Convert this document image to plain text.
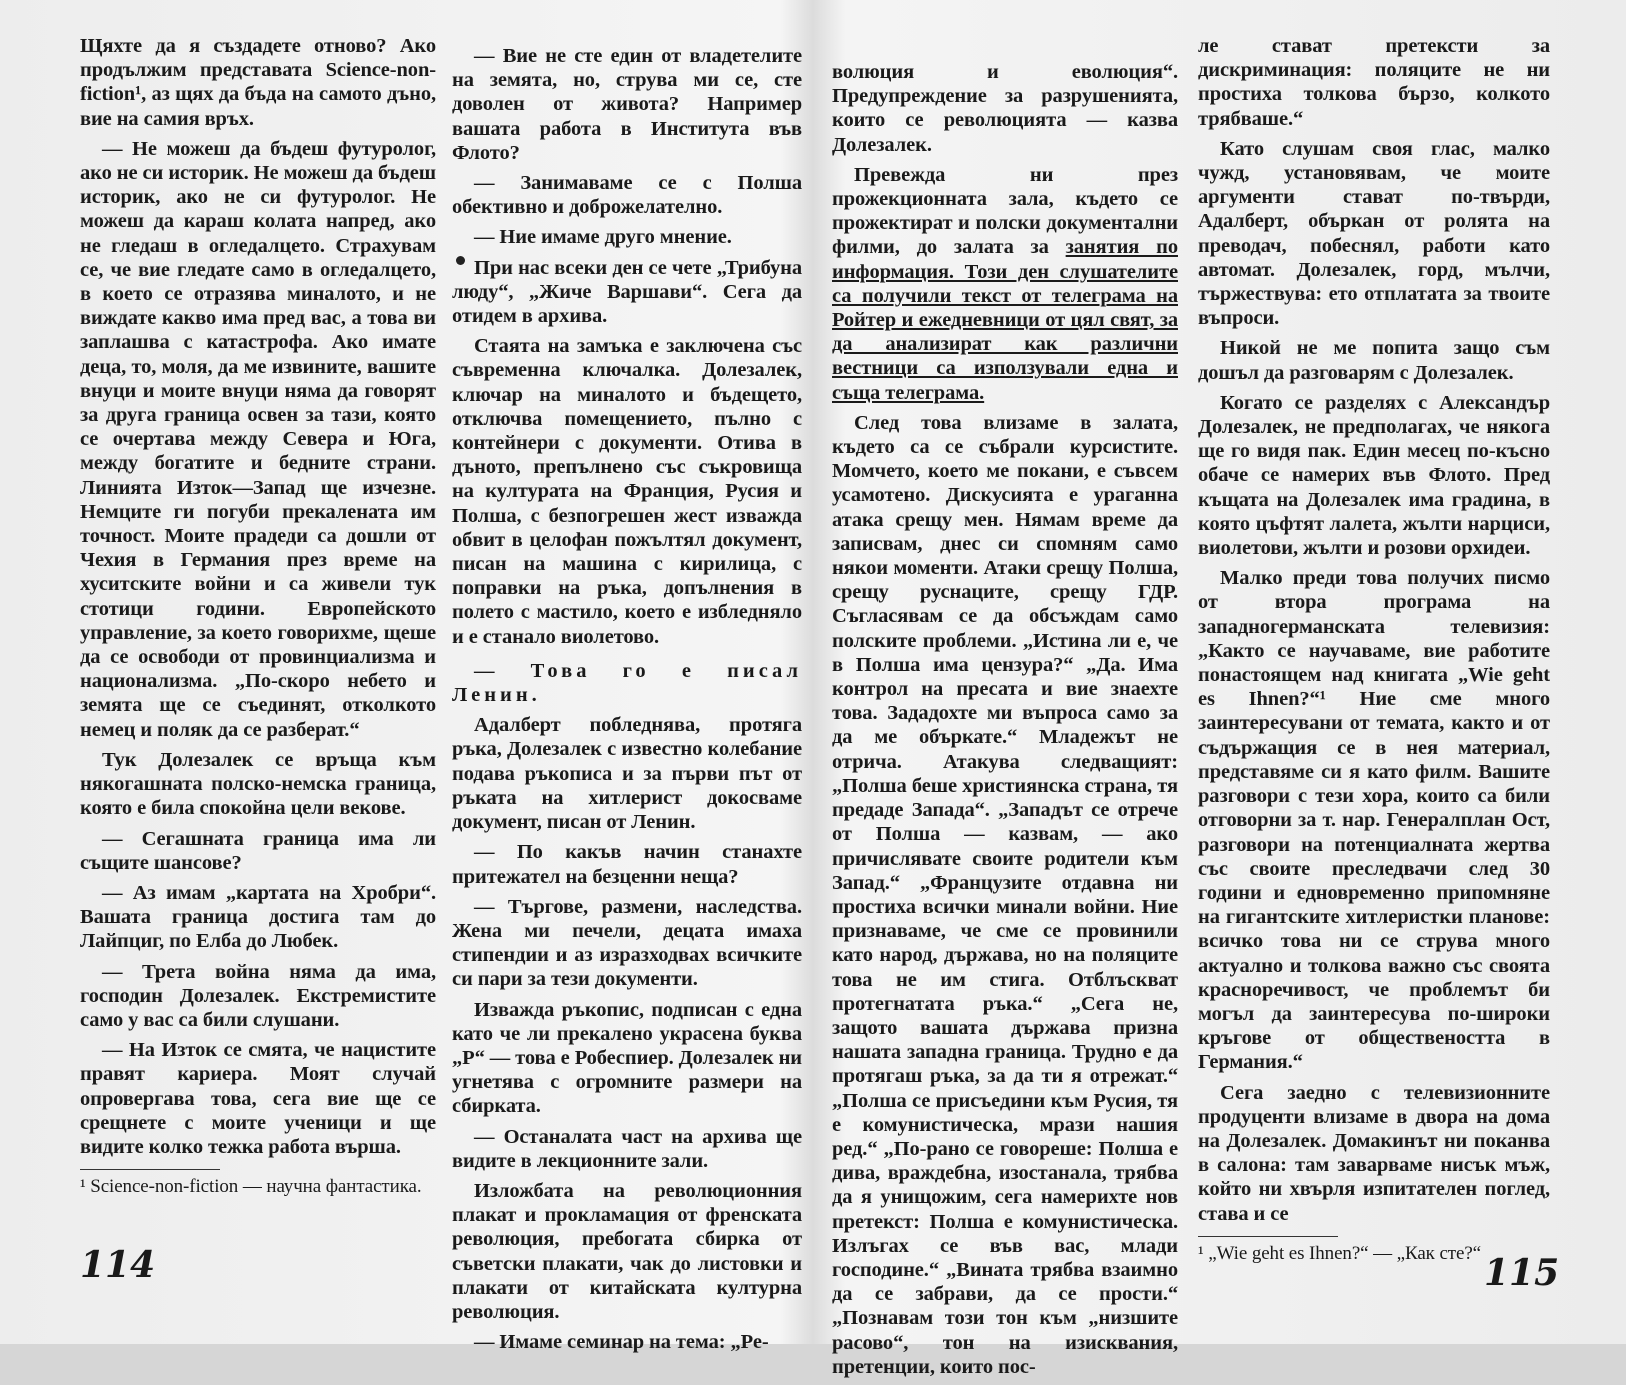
Щяхте да я създадете отново? Ако продължим представата Science-non-fiction¹, аз щях да бъда на самото дъно, вие на самия връх.

— Не можеш да бъдеш футуролог, ако не си историк. Не можеш да бъдеш историк, ако не си футуролог. Не можеш да караш колата напред, ако не гледаш в огледалцето. Страхувам се, че вие гледате само в огледалцето, в което се отразява миналото, и не виждате какво има пред вас, а това ви заплашва с катастрофа. Ако имате деца, то, моля, да ме извините, вашите внуци и моите внуци няма да говорят за друга граница освен за тази, която се очертава между Севера и Юга, между богатите и бедните страни. Линията Изток—Запад ще изчезне. Немците ги погуби прекалената им точност. Моите прадеди са дошли от Чехия в Германия през време на хуситските войни и са живели тук стотици години. Европейското управление, за което говорихме, щеше да се освободи от провинциализма и национализма. „По-скоро небето и земята ще се съединят, отколкото немец и поляк да се разберат.“

Тук Долезалек се връща към някогашната полско-немска граница, която е била спокойна цели векове.

— Сегашната граница има ли същите шансове?

— Аз имам „картата на Хробри“. Вашата граница достига там до Лайпциг, по Елба до Любек.

— Трета война няма да има, господин Долезалек. Екстремистите само у вас са били слушани.

— На Изток се смята, че нацистите правят кариера. Моят случай опровергава това, сега вие ще се срещнете с моите ученици и ще видите колко тежка работа върша.

¹ Science-non-fiction — научна фантастика.

— Вие не сте един от владетелите на земята, но, струва ми се, сте доволен от живота? Например вашата работа в Института във Флото?

— Занимаваме се с Полша обективно и доброжелателно.

— Ние имаме друго мнение.

При нас всеки ден се чете „Трибуна люду“, „Жиче Варшави“. Сега да отидем в архива.

Стаята на замъка е заключена със съвременна ключалка. Долезалек, ключар на миналото и бъдещето, отключва помещението, пълно с контейнери с документи. Отива в дъното, препълнено със съкровища на културата на Франция, Русия и Полша, с безпогрешен жест изважда обвит в целофан пожълтял документ, писан на машина с кирилица, с поправки на ръка, допълнения в полето с мастило, което е избледняло и е станало виолетово.

— Това го е писал Ленин.

Адалберт побледнява, протяга ръка, Долезалек с известно колебание подава ръкописа и за първи път от ръката на хитлерист докосваме документ, писан от Ленин.

— По какъв начин станахте притежател на безценни неща?

— Търгове, размени, наследства. Жена ми печели, децата имаха стипендии и аз изразходвах всичките си пари за тези документи.

Изважда ръкопис, подписан с една като че ли прекалено украсена буква „Р“ — това е Робеспиер. Долезалек ни угнетява с огромните размери на сбирката.

— Останалата част на архива ще видите в лекционните зали.

Изложбата на революционния плакат и прокламация от френската революция, пребогата сбирка от съветски плакати, чак до листовки и плакати от китайската културна революция.

— Имаме семинар на тема: „Ре-

114

волюция и еволюция“. Предупреждение за разрушенията, които се революцията — казва Долезалек.

Превежда ни през прожекционната зала, където се прожектират и полски документални филми, до залата за занятия по информация. Този ден слушателите са получили текст от телеграма на Ройтер и ежедневници от цял свят, за да анализират как различни вестници са използували една и съща телеграма.

След това влизаме в залата, където са се събрали курсистите. Момчето, което ме покани, е съвсем усамотено. Дискусията е ураганна атака срещу мен. Нямам време да записвам, днес си спомням само някои моменти. Атаки срещу Полша, срещу руснаците, срещу ГДР. Съгласявам се да обсъждам само полските проблеми. „Истина ли е, че в Полша има цензура?“ „Да. Има контрол на пресата и вие знаехте това. Зададохте ми въпроса само за да ме объркате.“ Младежът не отрича. Атакува следващият: „Полша беше християнска страна, тя предаде Запада“. „Западът се отрече от Полша — казвам, — ако причислявате своите родители към Запад.“ „Французите отдавна ни простиха всички минали войни. Ние признаваме, че сме се провинили като народ, държава, но на поляците това не им стига. Отблъскват протегнатата ръка.“ „Сега не, защото вашата държава призна нашата западна граница. Трудно е да протягаш ръка, за да ти я отрежат.“ „Полша се присъедини към Русия, тя е комунистическа, мрази нашия ред.“ „По-рано се говореше: Полша е дива, враждебна, изостанала, трябва да я унищожим, сега намерихте нов претекст: Полша е комунистическа. Излъгах се във вас, млади господине.“ „Вината трябва взаимно да се забрави, да се прости.“ „Познавам този тон към „низшите расово“, тон на изисквания, претенции, които пос-

ле стават претексти за дискриминация: поляците не ни простиха толкова бързо, колкото трябваше.“

Като слушам своя глас, малко чужд, установявам, че моите аргументи стават по-твърди, Адалберт, объркан от ролята на преводач, побеснял, работи като автомат. Долезалек, горд, мълчи, тържествува: ето отплатата за твоите въпроси.

Никой не ме попита защо съм дошъл да разговарям с Долезалек.

Когато се разделях с Александър Долезалек, не предполагах, че някога ще го видя пак. Един месец по-късно обаче се намерих във Флото. Пред къщата на Долезалек има градина, в която цъфтят лалета, жълти нарциси, виолетови, жълти и розови орхидеи.

Малко преди това получих писмо от втора програма на западногерманската телевизия: „Както се научаваме, вие работите понастоящем над книгата „Wie geht es Ihnen?“¹ Ние сме много заинтересувани от темата, както и от съдържащия се в нея материал, представяме си я като филм. Вашите разговори с тези хора, които са били отговорни за т. нар. Генералплан Ост, разговори на потенциалната жертва със своите преследвачи след 30 години и едновременно припомняне на гигантските хитлеристки планове: всичко това ни се струва много актуално и толкова важно със своята красноречивост, че проблемът би могъл да заинтересува по-широки кръгове от обществеността в Германия.“

Сега заедно с телевизионните продуценти влизаме в двора на дома на Долезалек. Домакинът ни поканва в салона: там заварваме нисък мъж, който ни хвърля изпитателен поглед, става и се

¹ „Wie geht es Ihnen?“ — „Как сте?“ 115
